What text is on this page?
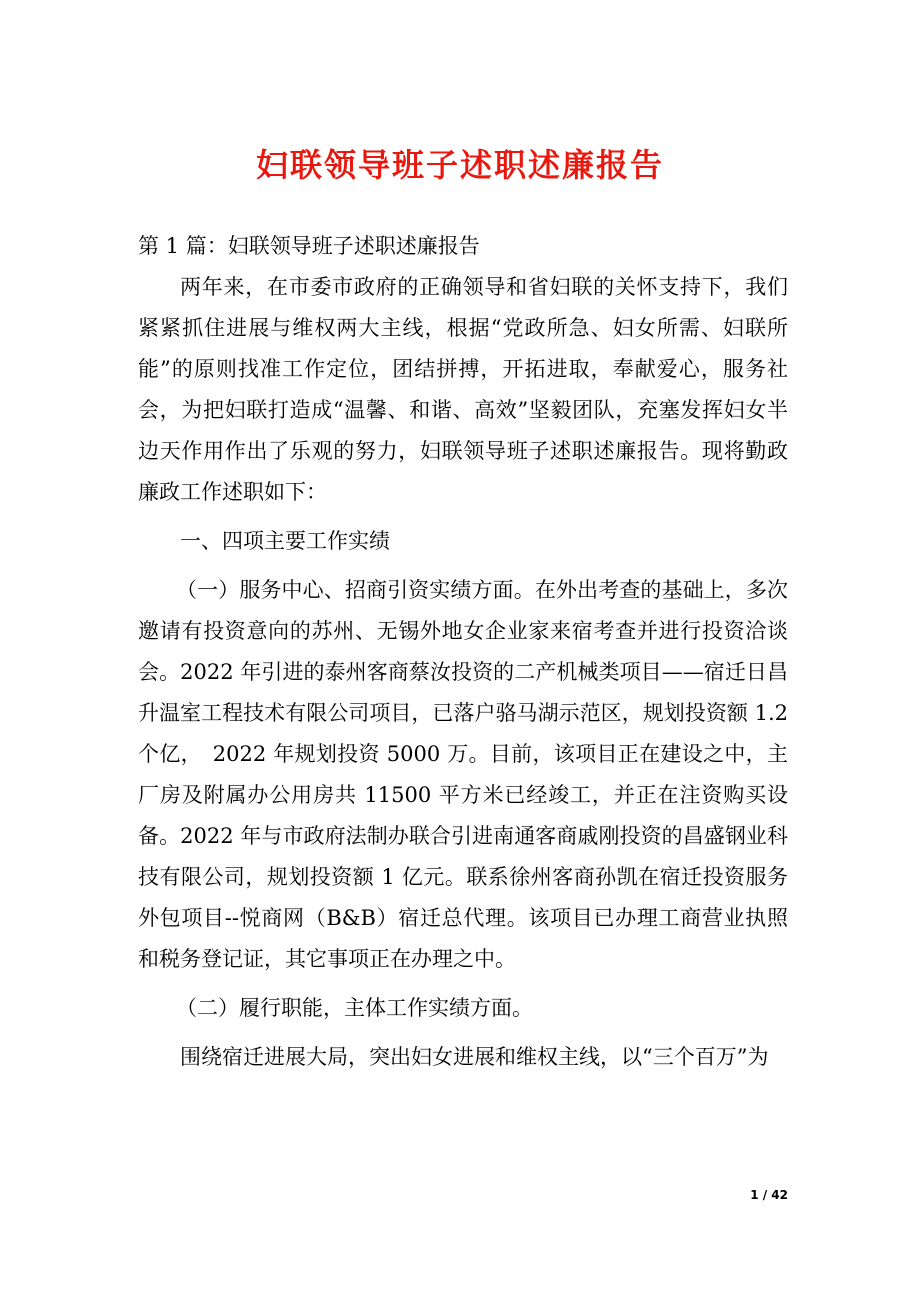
妇联领导班子述职述廉报告

第 1 篇：妇联领导班子述职述廉报告

两年来，在市委市政府的正确领导和省妇联的关怀支持下，我们紧紧抓住进展与维权两大主线，根据“党政所急、妇女所需、妇联所能”的原则找准工作定位，团结拼搏，开拓进取，奉献爱心，服务社会，为把妇联打造成“温馨、和谐、高效”坚毅团队，充塞发挥妇女半边天作用作出了乐观的努力，妇联领导班子述职述廉报告。现将勤政廉政工作述职如下：

一、四项主要工作实绩

（一）服务中心、招商引资实绩方面。在外出考查的基础上，多次邀请有投资意向的苏州、无锡外地女企业家来宿考查并进行投资洽谈会。2022 年引进的泰州客商蔡汝投资的二产机械类项目——宿迁日昌升温室工程技术有限公司项目，已落户骆马湖示范区，规划投资额 1.2 个亿，　2022 年规划投资 5000 万。目前，该项目正在建设之中，主厂房及附属办公用房共 11500 平方米已经竣工，并正在注资购买设备。2022 年与市政府法制办联合引进南通客商戚刚投资的昌盛钢业科技有限公司，规划投资额 1 亿元。联系徐州客商孙凯在宿迁投资服务外包项目--悦商网（B&B）宿迁总代理。该项目已办理工商营业执照和税务登记证，其它事项正在办理之中。

（二）履行职能，主体工作实绩方面。

围绕宿迁进展大局，突出妇女进展和维权主线，以“三个百万”为

1 / 42
